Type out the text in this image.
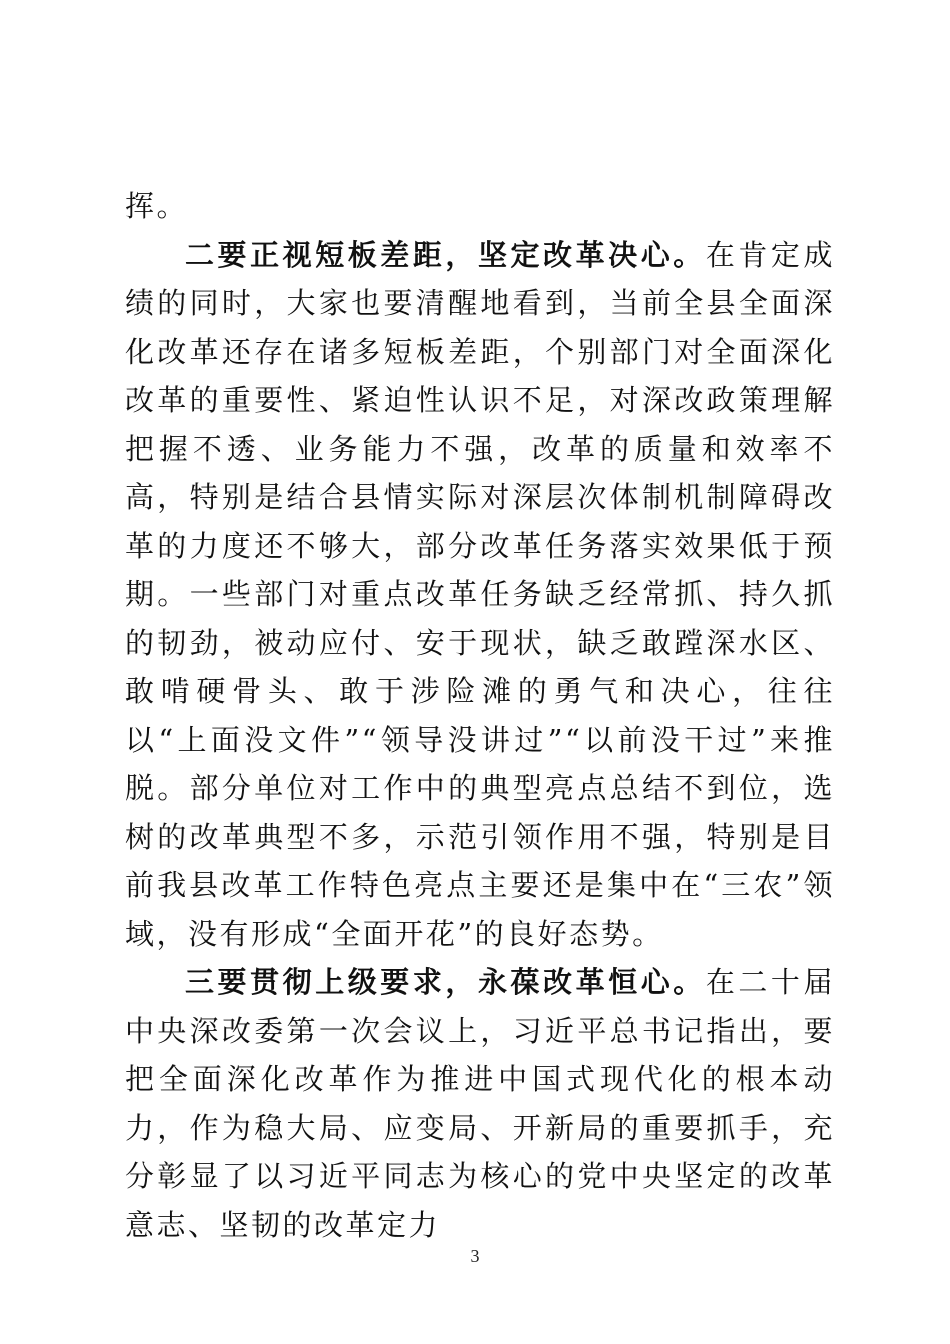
挥。

二要正视短板差距，坚定改革决心。在肯定成绩的同时，大家也要清醒地看到，当前全县全面深化改革还存在诸多短板差距，个别部门对全面深化改革的重要性、紧迫性认识不足，对深改政策理解把握不透、业务能力不强，改革的质量和效率不高，特别是结合县情实际对深层次体制机制障碍改革的力度还不够大，部分改革任务落实效果低于预期。一些部门对重点改革任务缺乏经常抓、持久抓的韧劲，被动应付、安于现状，缺乏敢蹚深水区、敢啃硬骨头、敢于涉险滩的勇气和决心，往往以“上面没文件”“领导没讲过”“以前没干过”来推脱。部分单位对工作中的典型亮点总结不到位，选树的改革典型不多，示范引领作用不强，特别是目前我县改革工作特色亮点主要还是集中在“三农”领域，没有形成“全面开花”的良好态势。

三要贯彻上级要求，永葆改革恒心。在二十届中央深改委第一次会议上，习近平总书记指出，要把全面深化改革作为推进中国式现代化的根本动力，作为稳大局、应变局、开新局的重要抓手，充分彰显了以习近平同志为核心的党中央坚定的改革意志、坚韧的改革定力

3
